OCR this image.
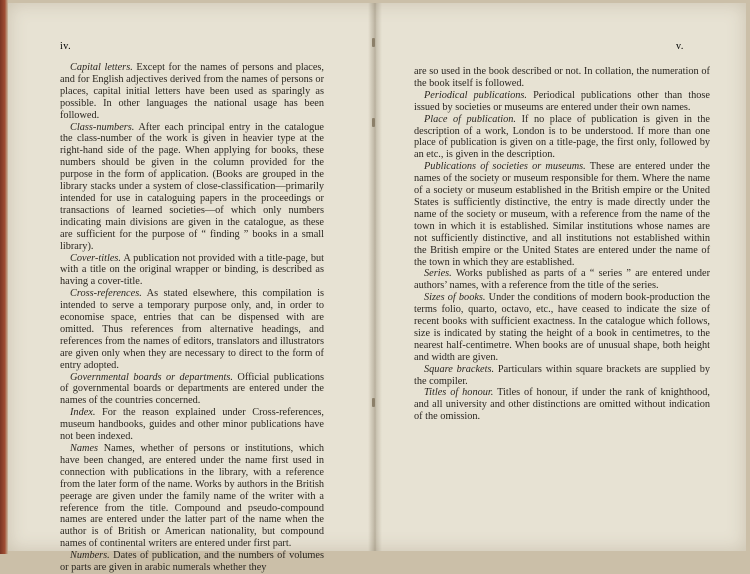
iv.	v.

Capital letters. Except for the names of persons and places, and for English adjectives derived from the names of persons or places, capital initial letters have been used as sparingly as possible. In other languages the national usage has been followed.

Class-numbers. After each principal entry in the catalogue the class-number of the work is given in heavier type at the right-hand side of the page. When applying for books, these numbers should be given in the column provided for the purpose in the form of application. (Books are grouped in the library stacks under a system of close-classification—primarily intended for use in cataloguing papers in the proceedings or transactions of learned societies—of which only numbers indicating main divisions are given in the catalogue, as these are sufficient for the purpose of “ finding ” books in a small library).

Cover-titles. A publication not provided with a title-page, but with a title on the original wrapper or binding, is described as having a cover-title.

Cross-references. As stated elsewhere, this compilation is intended to serve a temporary purpose only, and, in order to economise space, entries that can be dispensed with are omitted. Thus references from alternative headings, and references from the names of editors, translators and illustrators are given only when they are necessary to direct to the form of entry adopted.

Governmental boards or departments. Official publications of governmental boards or departments are entered under the names of the countries concerned.

Index. For the reason explained under Cross-references, museum handbooks, guides and other minor publications have not been indexed.

Names Names, whether of persons or institutions, which have been changed, are entered under the name first used in connection with publications in the library, with a reference from the later form of the name. Works by authors in the British peerage are given under the family name of the writer with a reference from the title. Compound and pseudo-compound names are entered under the latter part of the name when the author is of British or American nationality, but compound names of continental writers are entered under first part.

Numbers. Dates of publication, and the numbers of volumes or parts are given in arabic numerals whether they

are so used in the book described or not. In collation, the numeration of the book itself is followed.

Periodical publications. Periodical publications other than those issued by societies or museums are entered under their own names.

Place of publication. If no place of publication is given in the description of a work, London is to be understood. If more than one place of publication is given on a title-page, the first only, followed by an etc., is given in the description.

Publications of societies or museums. These are entered under the names of the society or museum responsible for them. Where the name of a society or museum established in the British empire or the United States is sufficiently distinctive, the entry is made directly under the name of the society or museum, with a reference from the name of the town in which it is established. Similar institutions whose names are not sufficiently distinctive, and all institutions not established within the British empire or the United States are entered under the name of the town in which they are established.

Series. Works published as parts of a “ series ” are entered under authors’ names, with a reference from the title of the series.

Sizes of books. Under the conditions of modern book-production the terms folio, quarto, octavo, etc., have ceased to indicate the size of recent books with sufficient exactness. In the catalogue which follows, size is indicated by stating the height of a book in centimetres, to the nearest half-centimetre. When books are of unusual shape, both height and width are given.

Square brackets. Particulars within square brackets are supplied by the compiler.

Titles of honour. Titles of honour, if under the rank of knighthood, and all university and other distinctions are omitted without indication of the omission.
